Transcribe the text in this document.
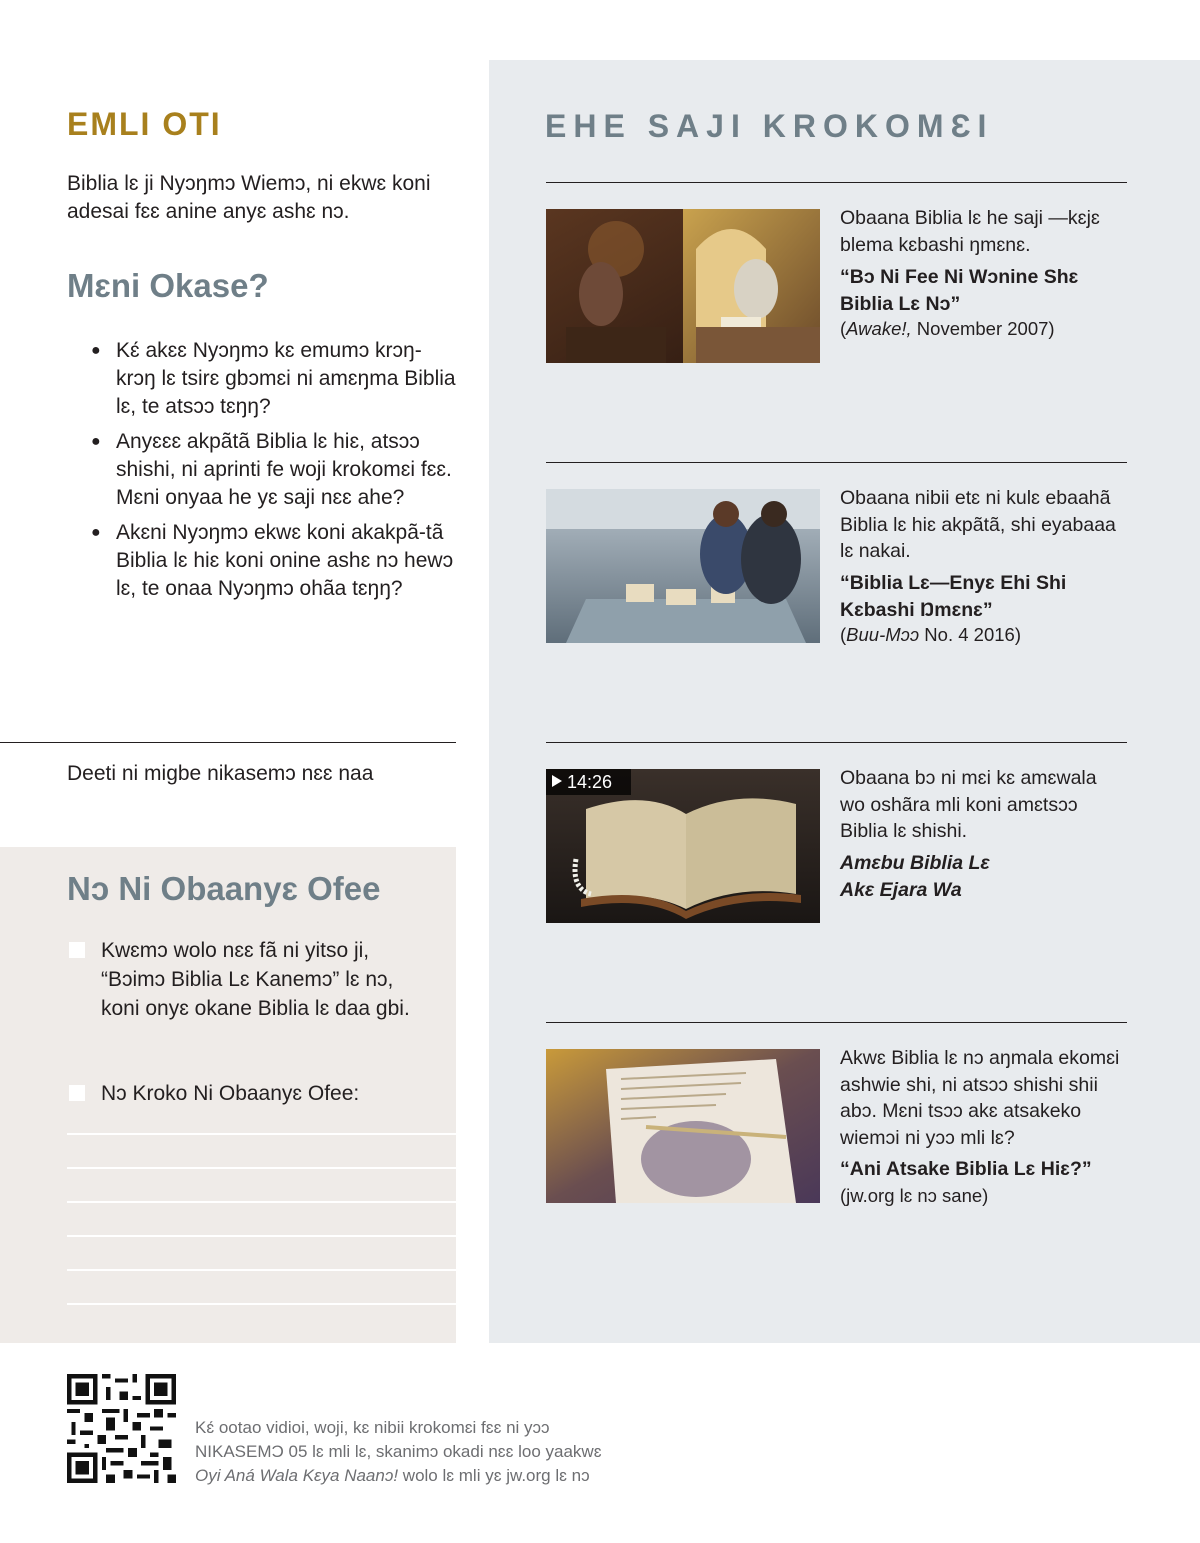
EMLI OTI

Biblia lɛ ji Nyɔŋmɔ Wiemɔ, ni ekwɛ koni adesai fɛɛ anine anyɛ ashɛ nɔ.

Mɛni Okase?
● Kɛ́ akɛɛ Nyɔŋmɔ kɛ emumɔ krɔŋ-krɔŋ lɛ tsirɛ gbɔmɛi ni amɛŋma Biblia lɛ, te atsɔɔ tɛŋŋ?
● Anyɛɛɛ akpãtã Biblia lɛ hiɛ, atsɔɔ shishi, ni aprinti fe woji krokomɛi fɛɛ. Mɛni onyaa he yɛ saji nɛɛ ahe?
● Akɛni Nyɔŋmɔ ekwɛ koni akakpã-tã Biblia lɛ hiɛ koni onine ashɛ nɔ hewɔ lɛ, te onaa Nyɔŋmɔ ohãa tɛŋŋ?

Deeti ni migbe nikasemɔ nɛɛ naa

Nɔ Ni Obaanyɛ Ofee
Kwɛmɔ wolo nɛɛ fã ni yitso ji, “Bɔimɔ Biblia Lɛ Kanemɔ” lɛ nɔ, koni onyɛ okane Biblia lɛ daa gbi.
Nɔ Kroko Ni Obaanyɛ Ofee:
EHE SAJI KROKOMƐI

Obaana Biblia lɛ he saji —kɛjɛ blema kɛbashi ŋmɛnɛ.

“Bɔ Ni Fee Ni Wɔnine Shɛ Biblia Lɛ Nɔ”

(Awake!, November 2007)

Obaana nibii etɛ ni kulɛ ebaahã Biblia lɛ hiɛ akpãtã, shi eyabaaa lɛ nakai.

“Biblia Lɛ—Enyɛ Ehi Shi Kɛbashi Ŋmɛnɛ”

(Buu-Mɔɔ No. 4 2016)

14:26	Obaana bɔ ni mɛi kɛ amɛwala wo oshãra mli koni amɛtsɔɔ Biblia lɛ shishi.

Amɛbu Biblia Lɛ Akɛ Ejara Wa

Akwɛ Biblia lɛ nɔ aŋmala ekomɛi ashwie shi, ni atsɔɔ shishi shii abɔ. Mɛni tsɔɔ akɛ atsakeko wiemɔi ni yɔɔ mli lɛ?

“Ani Atsake Biblia Lɛ Hiɛ?”

(jw.org lɛ nɔ sane)

Kɛ́ ootao vidioi, woji, kɛ nibii krokomɛi fɛɛ ni yɔɔ
NIKASEMƆ 05 lɛ mli lɛ, skanimɔ okadi nɛɛ loo yaakwɛ
Oyi Aná Wala Kɛya Naanɔ! wolo lɛ mli yɛ jw.org lɛ nɔ
